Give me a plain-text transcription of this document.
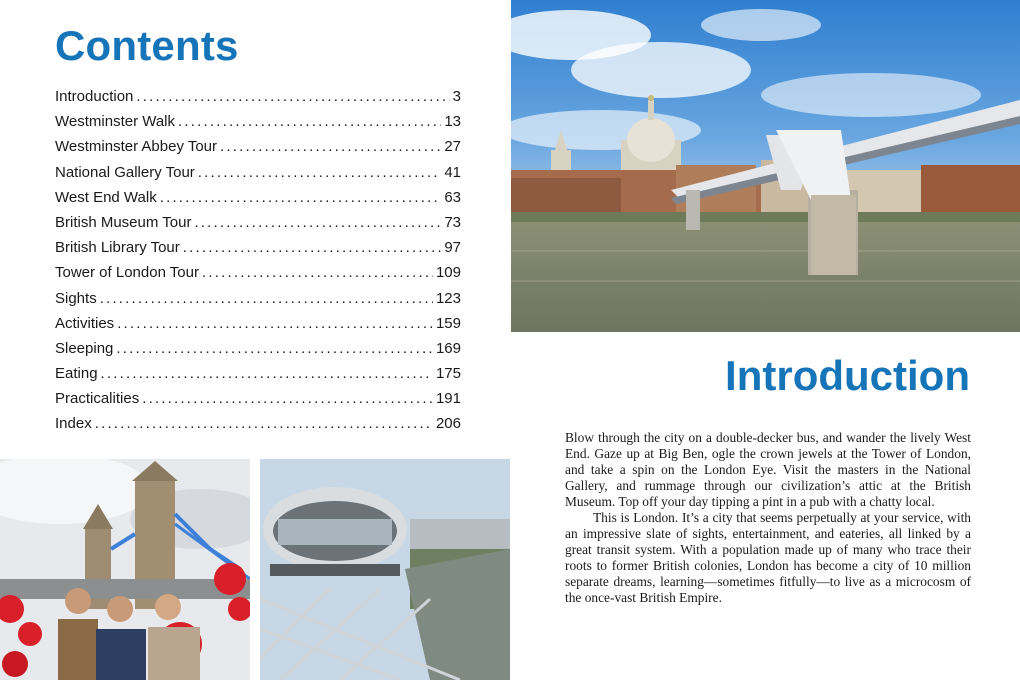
Contents
Introduction .....	3
Westminster Walk .....	13
Westminster Abbey Tour .....	27
National Gallery Tour .....	41
West End Walk .....	63
British Museum Tour .....	73
British Library Tour .....	97
Tower of London Tour .....	109
Sights .....	123
Activities .....	159
Sleeping .....	169
Eating .....	175
Practicalities .....	191
Index .....	206
Introduction

Blow through the city on a double-decker bus, and wander the lively West End. Gaze up at Big Ben, ogle the crown jewels at the Tower of London, and take a spin on the London Eye. Visit the masters in the National Gallery, and rummage through our civilization’s attic at the British Museum. Top off your day tipping a pint in a pub with a chatty local.

This is London. It’s a city that seems perpetually at your service, with an impressive slate of sights, entertainment, and eateries, all linked by a great transit system. With a population made up of many who trace their roots to former British colonies, London has become a city of 10 million separate dreams, learning—sometimes fitfully—to live as a microcosm of the once-vast British Empire.
